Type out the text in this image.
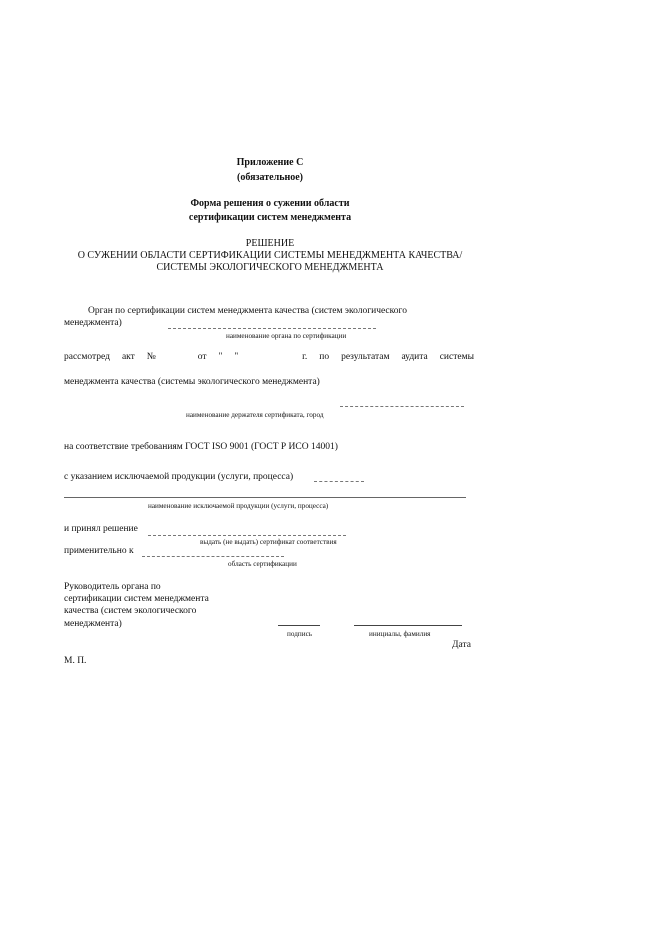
Приложение С
(обязательное)
Форма решения о сужении области
сертификации систем менеджмента
РЕШЕНИЕ
О СУЖЕНИИ ОБЛАСТИ СЕРТИФИКАЦИИ СИСТЕМЫ МЕНЕДЖМЕНТА КАЧЕСТВА/
СИСТЕМЫ ЭКОЛОГИЧЕСКОГО МЕНЕДЖМЕНТА
Орган по сертификации систем менеджмента качества (систем экологического
менеджмента)
наименование органа по сертификации
рассмотред акт №	от " "	г. по результатам аудита системы
менеджмента качества (системы экологического менеджмента)
наименование держателя сертификата, город
на соответствие требованиям ГОСТ ISO 9001 (ГОСТ Р ИСО 14001)
с указанием исключаемой продукции (услуги, процесса)
наименование исключаемой продукции (услуги, процесса)
и принял решение
выдать (не выдать) сертификат соответствия
применительно к
область сертификации
Руководитель органа по
сертификации систем менеджмента
качества (систем экологического
менеджмента)
подпись	инициалы, фамилия
Дата
М. П.
